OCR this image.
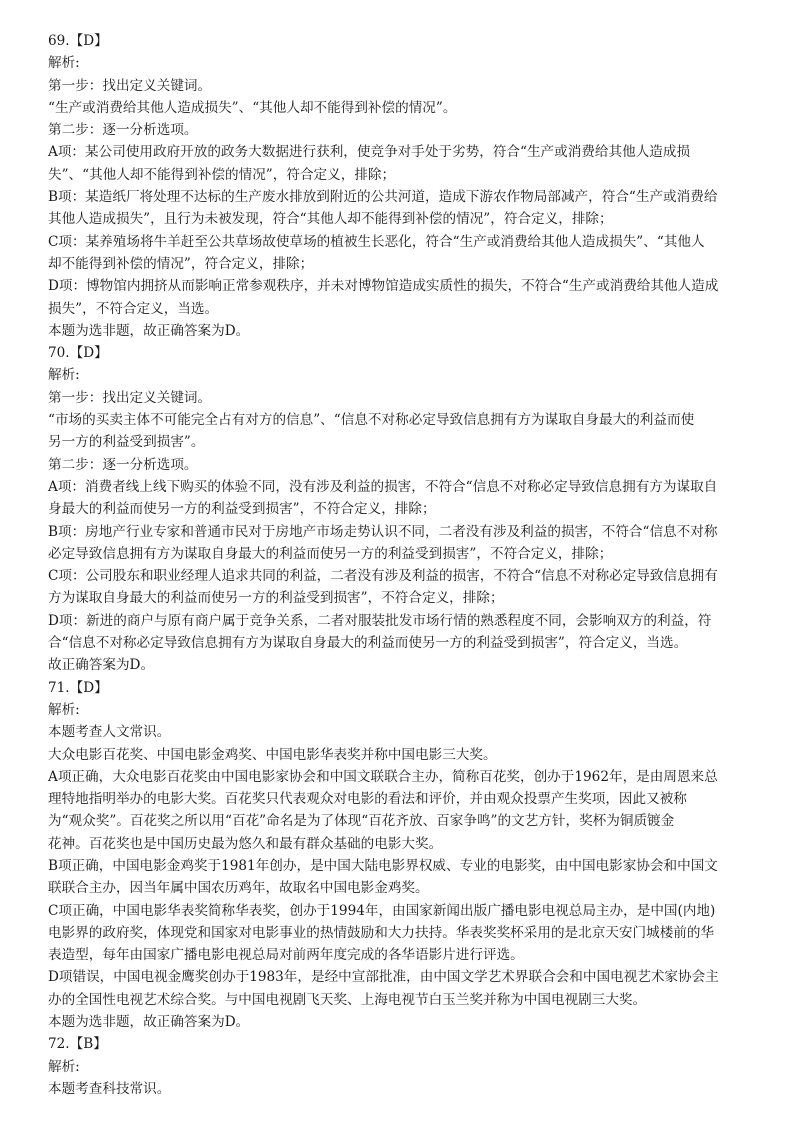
69.【D】
解析:
第一步：找出定义关键词。
“生产或消费给其他人造成损失”、“其他人却不能得到补偿的情况”。
第二步：逐一分析选项。
A项：某公司使用政府开放的政务大数据进行获利，使竞争对手处于劣势，符合“生产或消费给其他人造成损
失”、“其他人却不能得到补偿的情况”，符合定义，排除；
B项：某造纸厂将处理不达标的生产废水排放到附近的公共河道，造成下游农作物局部减产，符合“生产或消费给
其他人造成损失”，且行为未被发现，符合“其他人却不能得到补偿的情况”，符合定义，排除；
C项：某养殖场将牛羊赶至公共草场故使草场的植被生长恶化，符合“生产或消费给其他人造成损失”、“其他人
却不能得到补偿的情况”，符合定义，排除；
D项：博物馆内拥挤从而影响正常参观秩序，并未对博物馆造成实质性的损失，不符合“生产或消费给其他人造成
损失”，不符合定义，当选。
本题为选非题，故正确答案为D。
70.【D】
解析:
第一步：找出定义关键词。
“市场的买卖主体不可能完全占有对方的信息”、“信息不对称必定导致信息拥有方为谋取自身最大的利益而使
另一方的利益受到损害”。
第二步：逐一分析选项。
A项：消费者线上线下购买的体验不同，没有涉及利益的损害，不符合“信息不对称必定导致信息拥有方为谋取自
身最大的利益而使另一方的利益受到损害”，不符合定义，排除；
B项：房地产行业专家和普通市民对于房地产市场走势认识不同，二者没有涉及利益的损害，不符合“信息不对称
必定导致信息拥有方为谋取自身最大的利益而使另一方的利益受到损害”，不符合定义，排除；
C项：公司股东和职业经理人追求共同的利益，二者没有涉及利益的损害，不符合“信息不对称必定导致信息拥有
方为谋取自身最大的利益而使另一方的利益受到损害”，不符合定义，排除；
D项：新进的商户与原有商户属于竞争关系，二者对服装批发市场行情的熟悉程度不同，会影响双方的利益，符
合“信息不对称必定导致信息拥有方为谋取自身最大的利益而使另一方的利益受到损害”，符合定义，当选。
故正确答案为D。
71.【D】
解析:
本题考查人文常识。
大众电影百花奖、中国电影金鸡奖、中国电影华表奖并称中国电影三大奖。
A项正确，大众电影百花奖由中国电影家协会和中国文联联合主办，简称百花奖，创办于1962年，是由周恩来总
理特地指明举办的电影大奖。百花奖只代表观众对电影的看法和评价，并由观众投票产生奖项，因此又被称
为“观众奖”。百花奖之所以用“百花”命名是为了体现“百花齐放、百家争鸣”的文艺方针，奖杯为铜质镀金
花神。百花奖也是中国历史最为悠久和最有群众基础的电影大奖。
B项正确，中国电影金鸡奖于1981年创办，是中国大陆电影界权威、专业的电影奖，由中国电影家协会和中国文
联联合主办，因当年属中国农历鸡年，故取名中国电影金鸡奖。
C项正确，中国电影华表奖简称华表奖，创办于1994年，由国家新闻出版广播电影电视总局主办，是中国(内地)
电影界的政府奖，体现党和国家对电影事业的热情鼓励和大力扶持。华表奖奖杯采用的是北京天安门城楼前的华
表造型，每年由国家广播电影电视总局对前两年度完成的各华语影片进行评选。
D项错误，中国电视金鹰奖创办于1983年，是经中宣部批准，由中国文学艺术界联合会和中国电视艺术家协会主
办的全国性电视艺术综合奖。与中国电视剧飞天奖、上海电视节白玉兰奖并称为中国电视剧三大奖。
本题为选非题，故正确答案为D。
72.【B】
解析:
本题考查科技常识。
